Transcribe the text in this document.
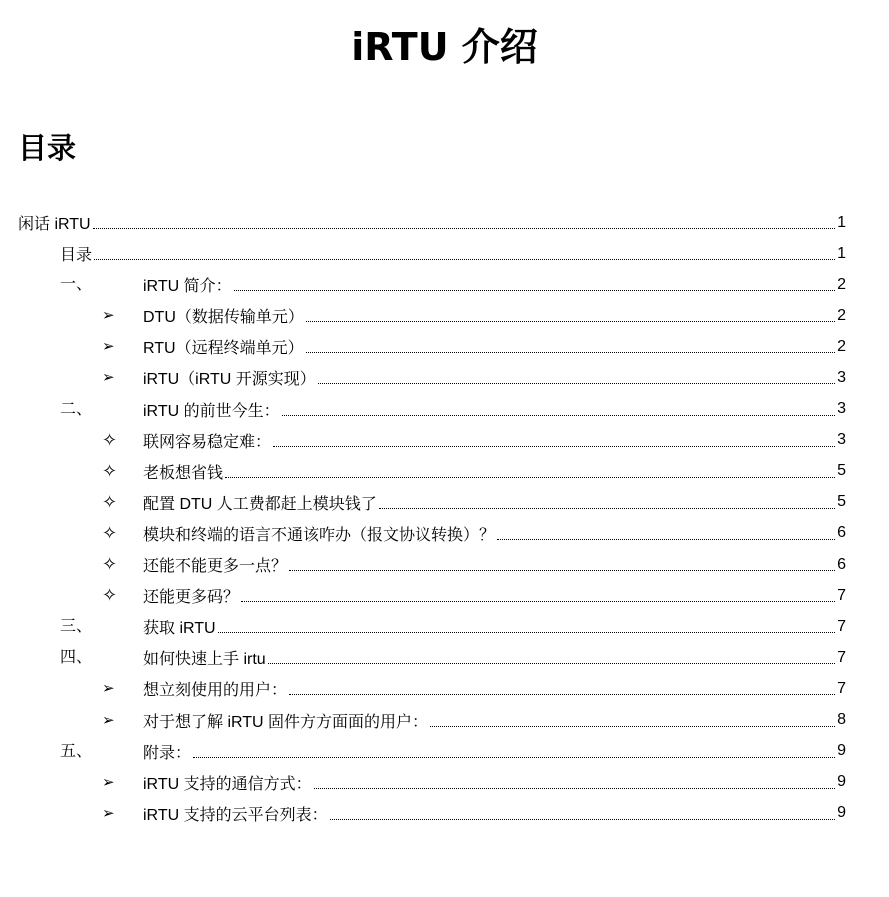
iRTU 介绍
目录
闲话 iRTU	1
目录	1
一、	iRTU 简介：	2
➢ DTU（数据传输单元）	2
➢ RTU（远程终端单元）	2
➢ iRTU（iRTU 开源实现）	3
二、	iRTU 的前世今生：	3
✧ 联网容易稳定难：	3
✧ 老板想省钱	5
✧ 配置 DTU 人工费都赶上模块钱了	5
✧ 模块和终端的语言不通该咋办（报文协议转换）？	6
✧ 还能不能更多一点？	6
✧ 还能更多码？	7
三、	获取 iRTU	7
四、	如何快速上手 irtu	7
➢ 想立刻使用的用户：	7
➢ 对于想了解 iRTU 固件方方面面的用户：	8
五、	附录：	9
➢ iRTU 支持的通信方式：	9
➢ iRTU 支持的云平台列表：	9
